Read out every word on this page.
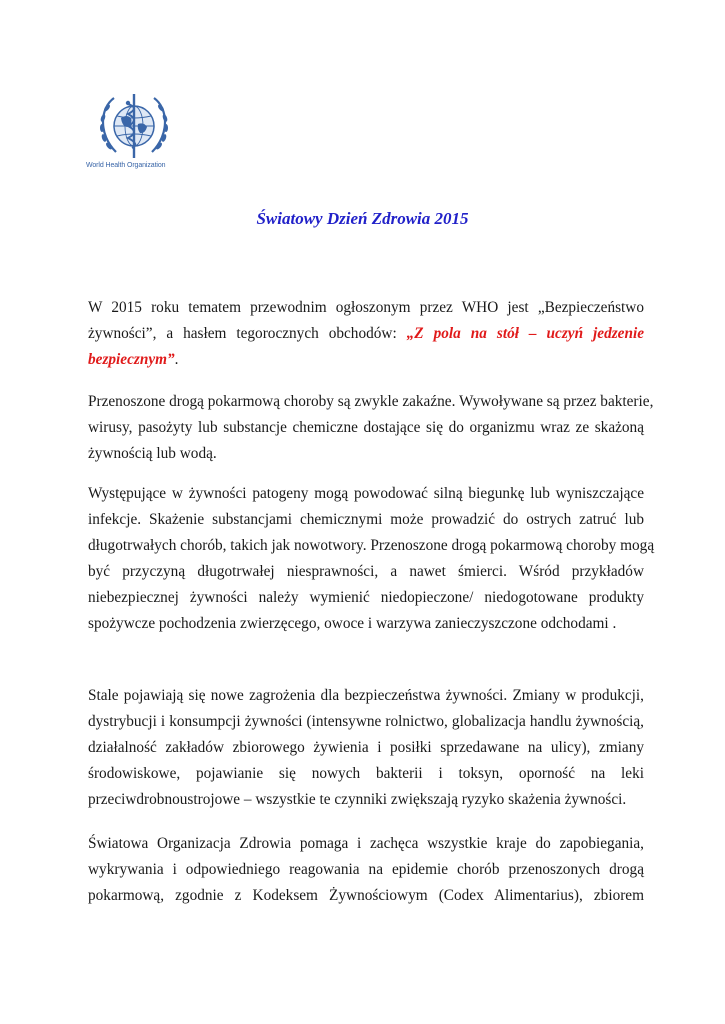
World Health Organization
Światowy Dzień Zdrowia 2015
W 2015 roku tematem przewodnim ogłoszonym przez WHO jest „Bezpieczeństwo
żywności”, a hasłem tegorocznych obchodów: „Z pola na stół – uczyń jedzenie
bezpiecznym”.
Przenoszone drogą pokarmową choroby są zwykle zakaźne. Wywoływane są przez bakterie,
wirusy, pasożyty lub substancje chemiczne dostające się do organizmu wraz ze skażoną
żywnością lub wodą.
Występujące w żywności patogeny mogą powodować silną biegunkę lub wyniszczające
infekcje. Skażenie substancjami chemicznymi może prowadzić do ostrych zatruć lub
długotrwałych chorób, takich jak nowotwory. Przenoszone drogą pokarmową choroby mogą
być przyczyną długotrwałej niesprawności, a nawet śmierci. Wśród przykładów
niebezpiecznej żywności należy wymienić niedopieczone/ niedogotowane produkty
spożywcze pochodzenia zwierzęcego, owoce i warzywa zanieczyszczone odchodami .
Stale pojawiają się nowe zagrożenia dla bezpieczeństwa żywności. Zmiany w produkcji,
dystrybucji i konsumpcji żywności (intensywne rolnictwo, globalizacja handlu żywnością,
działalność zakładów zbiorowego żywienia i posiłki sprzedawane na ulicy), zmiany
środowiskowe, pojawianie się nowych bakterii i toksyn, oporność na leki
przeciwdrobnoustrojowe – wszystkie te czynniki zwiększają ryzyko skażenia żywności.
Światowa Organizacja Zdrowia pomaga i zachęca wszystkie kraje do zapobiegania,
wykrywania i odpowiedniego reagowania na epidemie chorób przenoszonych drogą
pokarmową, zgodnie z Kodeksem Żywnościowym (Codex Alimentarius), zbiorem
